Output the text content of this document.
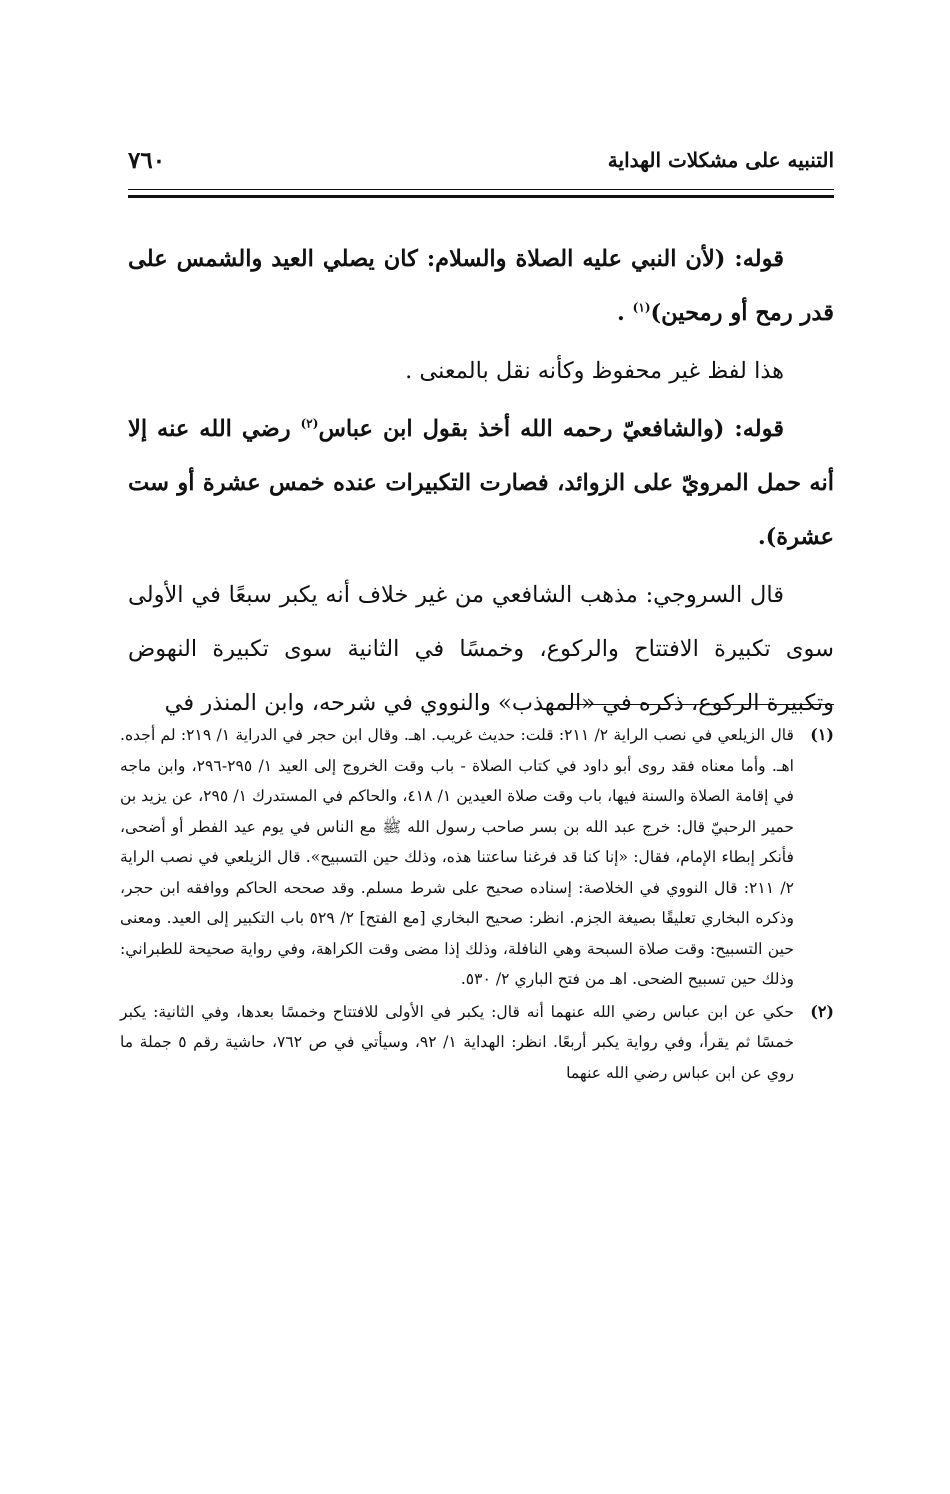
التنبيه على مشكلات الهداية
٧٦٠

قوله: (لأن النبي عليه الصلاة والسلام: كان يصلي العيد والشمس على قدر رمح أو رمحين)$^{(١)}$ .

هذا لفظ غير محفوظ وكأنه نقل بالمعنى .

قوله: (والشافعيّ رحمه الله أخذ بقول ابن عباس$^{(٢)}$ رضي الله عنه إلا أنه حمل المرويّ على الزوائد، فصارت التكبيرات عنده خمس عشرة أو ست عشرة).

قال السروجي: مذهب الشافعي من غير خلاف أنه يكبر سبعًا في الأولى سوى تكبيرة الافتتاح والركوع، وخمسًا في الثانية سوى تكبيرة النهوض وتكبيرة الركوع، ذكره في «المهذب» والنووي في شرحه، وابن المنذر في

(١)
قال الزيلعي في نصب الراية ٢/ ٢١١: قلت: حديث غريب. اهـ. وقال ابن حجر في الدراية ١/ ٢١٩: لم أجده. اهـ. وأما معناه فقد روى أبو داود في كتاب الصلاة - باب وقت الخروج إلى العيد ١/ ٢٩٥-٢٩٦، وابن ماجه في إقامة الصلاة والسنة فيها، باب وقت صلاة العيدين ١/ ٤١٨، والحاكم في المستدرك ١/ ٢٩٥، عن يزيد بن حمير الرحبيّ قال: خرج عبد الله بن بسر صاحب رسول الله ﷺ مع الناس في يوم عيد الفطر أو أضحى، فأنكر إبطاء الإمام، فقال: «إنا كنا قد فرغنا ساعتنا هذه، وذلك حين التسبيح». قال الزيلعي في نصب الراية ٢/ ٢١١: قال النووي في الخلاصة: إسناده صحيح على شرط مسلم. وقد صححه الحاكم ووافقه ابن حجر، وذكره البخاري تعليقًا بصيغة الجزم. انظر: صحيح البخاري [مع الفتح] ٢/ ٥٢٩ باب التكبير إلى العيد. ومعنى حين التسبيح: وقت صلاة السبحة وهي النافلة، وذلك إذا مضى وقت الكراهة، وفي رواية صحيحة للطبراني: وذلك حين تسبيح الضحى. اهـ من فتح الباري ٢/ ٥٣٠.
(٢)
حكي عن ابن عباس رضي الله عنهما أنه قال: يكبر في الأولى للافتتاح وخمسًا بعدها، وفي الثانية: يكبر خمسًا ثم يقرأ، وفي رواية يكبر أربعًا. انظر: الهداية ١/ ٩٢، وسيأتي في ص ٧٦٢، حاشية رقم ٥ جملة ما روي عن ابن عباس رضي الله عنهما
